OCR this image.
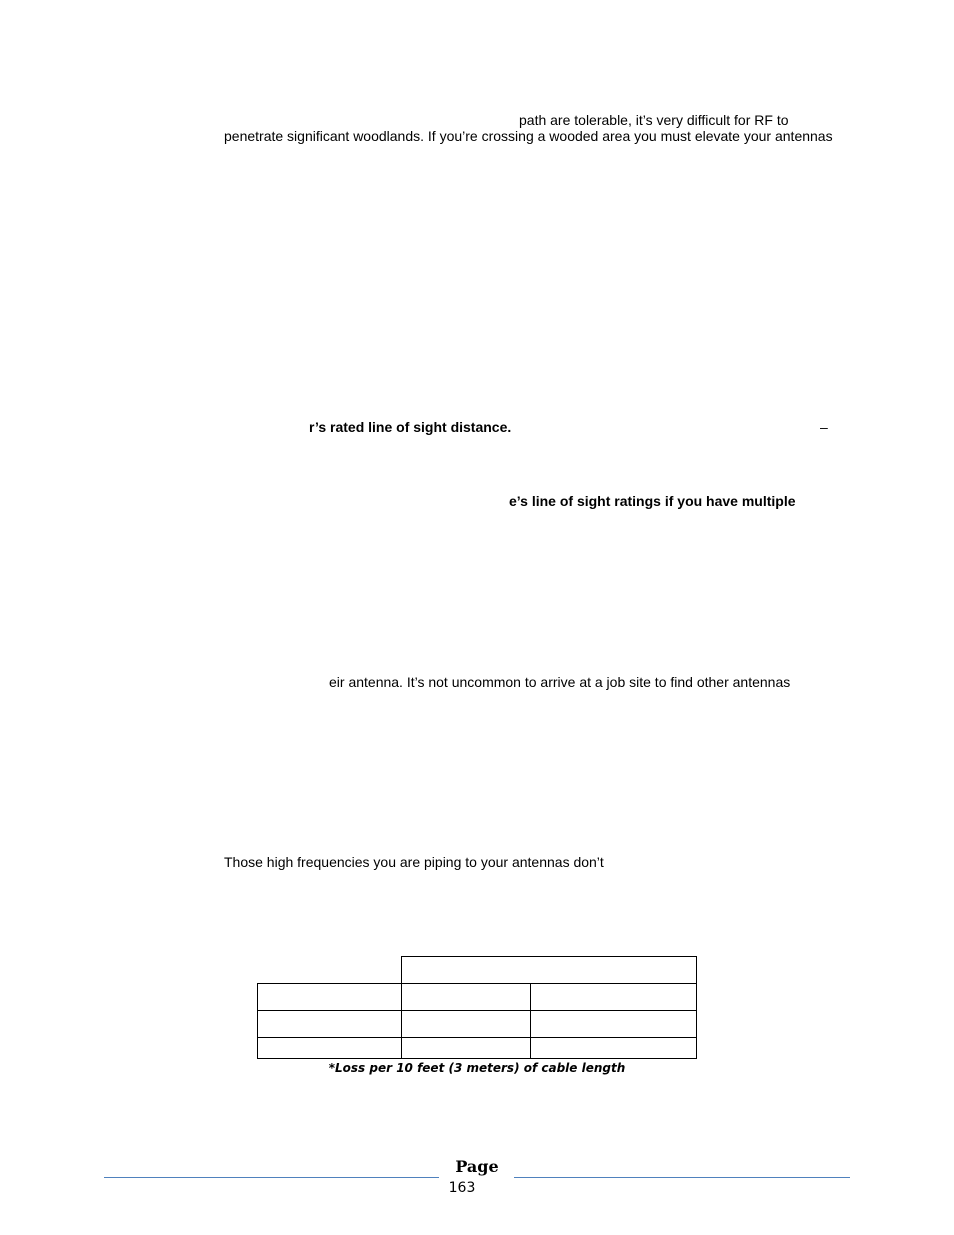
path are tolerable, it’s very difficult for RF to
penetrate significant woodlands. If you’re crossing a wooded area you must elevate your antennas
r’s rated line of sight distance.	–
e’s line of sight ratings if you have multiple
eir antenna. It’s not uncommon to arrive at a job site to find other antennas
Those high frequencies you are piping to your antennas don’t

*Loss per 10 feet (3 meters) of cable length
Page
163
